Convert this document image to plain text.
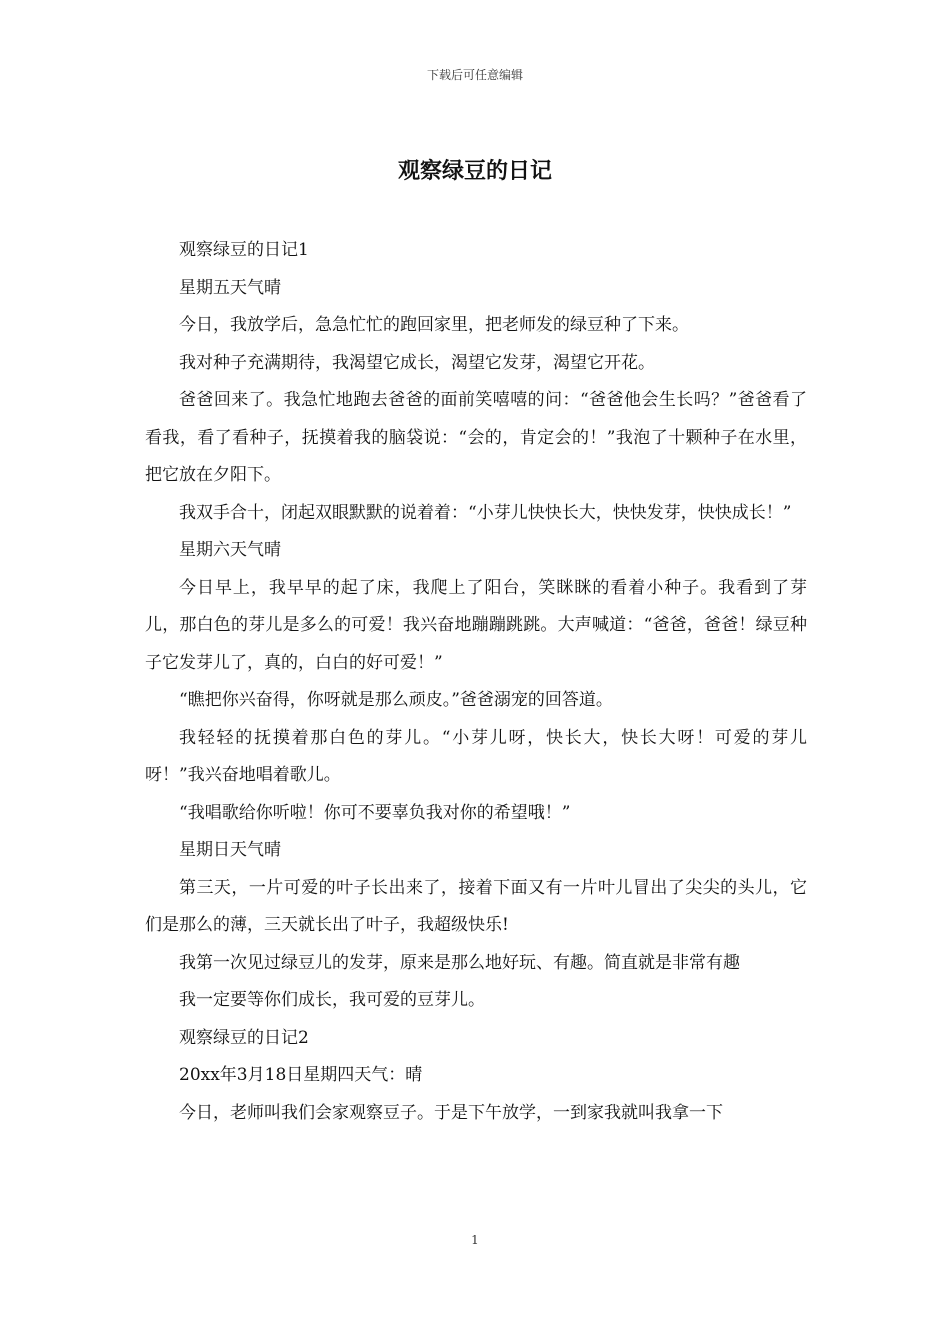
下载后可任意编辑
观察绿豆的日记

观察绿豆的日记1

星期五天气晴

今日，我放学后，急急忙忙的跑回家里，把老师发的绿豆种了下来。

我对种子充满期待，我渴望它成长，渴望它发芽，渴望它开花。

爸爸回来了。我急忙地跑去爸爸的面前笑嘻嘻的问：“爸爸他会生长吗？”爸爸看了看我，看了看种子，抚摸着我的脑袋说：“会的，肯定会的！”我泡了十颗种子在水里，把它放在夕阳下。

我双手合十，闭起双眼默默的说着着：“小芽儿快快长大，快快发芽，快快成长！”

星期六天气晴

今日早上，我早早的起了床，我爬上了阳台，笑眯眯的看着小种子。我看到了芽儿，那白色的芽儿是多么的可爱！我兴奋地蹦蹦跳跳。大声喊道：“爸爸，爸爸！绿豆种子它发芽儿了，真的，白白的好可爱！”

“瞧把你兴奋得，你呀就是那么顽皮。”爸爸溺宠的回答道。

我轻轻的抚摸着那白色的芽儿。“小芽儿呀，快长大，快长大呀！可爱的芽儿呀！”我兴奋地唱着歌儿。

“我唱歌给你听啦！你可不要辜负我对你的希望哦！”

星期日天气晴

第三天，一片可爱的叶子长出来了，接着下面又有一片叶儿冒出了尖尖的头儿，它们是那么的薄，三天就长出了叶子，我超级快乐!

我第一次见过绿豆儿的发芽，原来是那么地好玩、有趣。简直就是非常有趣

我一定要等你们成长，我可爱的豆芽儿。

观察绿豆的日记2

20xx年3月18日星期四天气：晴

今日，老师叫我们会家观察豆子。于是下午放学，一到家我就叫我拿一下

1
